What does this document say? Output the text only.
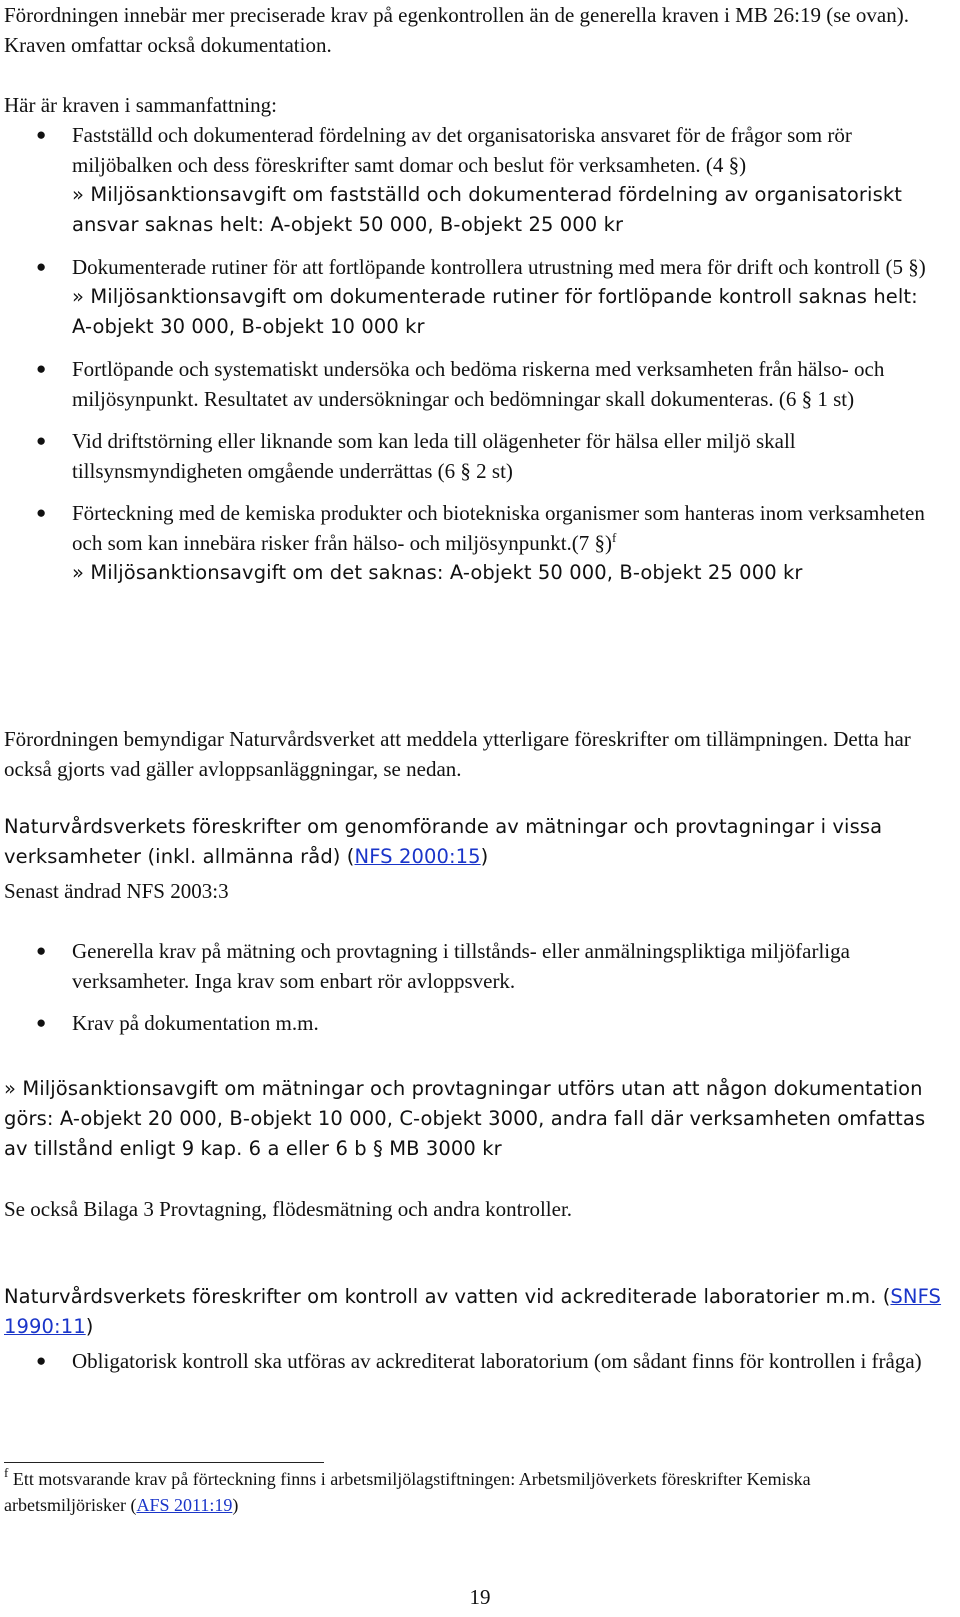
Förordningen innebär mer preciserade krav på egenkontrollen än de generella kraven i MB 26:19 (se ovan). Kraven omfattar också dokumentation.

Här är kraven i sammanfattning:

● Fastställd och dokumenterad fördelning av det organisatoriska ansvaret för de frågor som rör miljöbalken och dess föreskrifter samt domar och beslut för verksamheten. (4 §)
» Miljösanktionsavgift om fastställd och dokumenterad fördelning av organisatoriskt ansvar saknas helt: A-objekt 50 000, B-objekt 25 000 kr
● Dokumenterade rutiner för att fortlöpande kontrollera utrustning med mera för drift och kontroll (5 §)
» Miljösanktionsavgift om dokumenterade rutiner för fortlöpande kontroll saknas helt: A-objekt 30 000, B-objekt 10 000 kr
● Fortlöpande och systematiskt undersöka och bedöma riskerna med verksamheten från hälso- och miljösynpunkt. Resultatet av undersökningar och bedömningar skall dokumenteras. (6 § 1 st)
● Vid driftstörning eller liknande som kan leda till olägenheter för hälsa eller miljö skall tillsynsmyndigheten omgående underrättas (6 § 2 st)
● Förteckning med de kemiska produkter och biotekniska organismer som hanteras inom verksamheten och som kan innebära risker från hälso- och miljösynpunkt.(7 §)$^f$
» Miljösanktionsavgift om det saknas: A-objekt 50 000, B-objekt 25 000 kr

Förordningen bemyndigar Naturvårdsverket att meddela ytterligare föreskrifter om tillämpningen. Detta har också gjorts vad gäller avloppsanläggningar, se nedan.

Naturvårdsverkets föreskrifter om genomförande av mätningar och provtagningar i vissa verksamheter (inkl. allmänna råd) (NFS 2000:15)

Senast ändrad NFS 2003:3

● Generella krav på mätning och provtagning i tillstånds- eller anmälningspliktiga miljöfarliga verksamheter. Inga krav som enbart rör avloppsverk.
● Krav på dokumentation m.m.

» Miljösanktionsavgift om mätningar och provtagningar utförs utan att någon dokumentation görs: A-objekt 20 000, B-objekt 10 000, C-objekt 3000, andra fall där verksamheten omfattas av tillstånd enligt 9 kap. 6 a eller 6 b § MB 3000 kr

Se också Bilaga 3 Provtagning, flödesmätning och andra kontroller.

Naturvårdsverkets föreskrifter om kontroll av vatten vid ackrediterade laboratorier m.m. (SNFS 1990:11)

● Obligatorisk kontroll ska utföras av ackrediterat laboratorium (om sådant finns för kontrollen i fråga)

$^f$ Ett motsvarande krav på förteckning finns i arbetsmiljölagstiftningen: Arbetsmiljöverkets föreskrifter Kemiska arbetsmiljörisker (AFS 2011:19)

19
